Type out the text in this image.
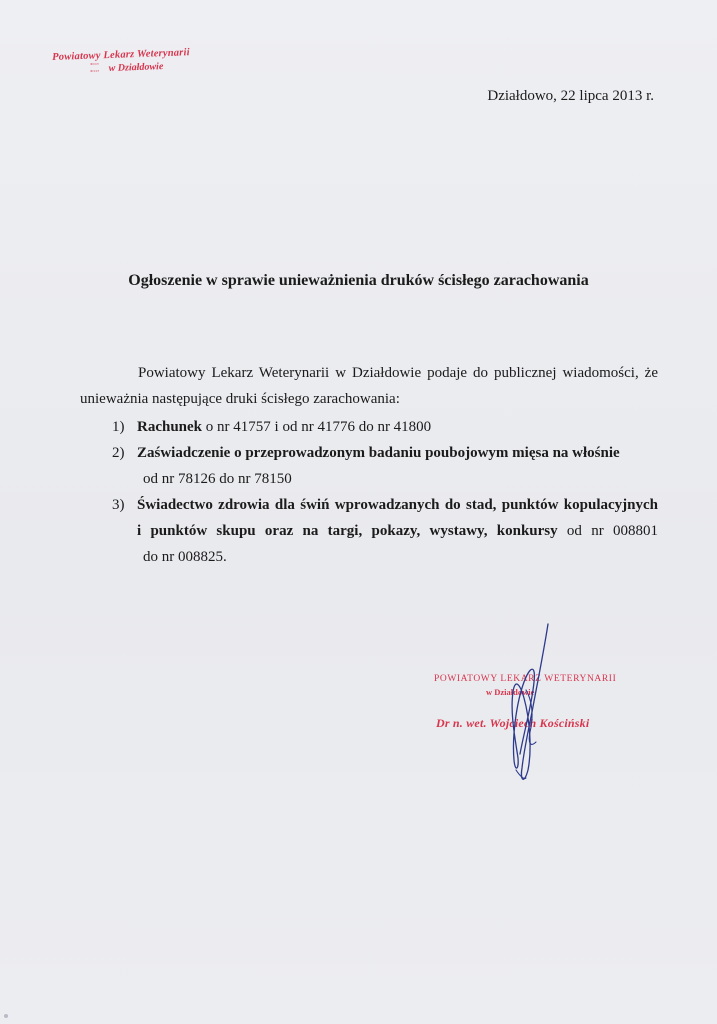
Powiatowy Lekarz Weterynarii
w Działdowie
Działdowo, 22 lipca 2013 r.
Ogłoszenie w sprawie unieważnienia druków ścisłego zarachowania

Powiatowy Lekarz Weterynarii w Działdowie podaje do publicznej wiadomości, że unieważnia następujące druki ścisłego zarachowania:

1) Rachunek o nr 41757 i od nr 41776 do nr 41800
2) Zaświadczenie o przeprowadzonym badaniu poubojowym mięsa na włośnie
od nr 78126 do nr 78150
3) Świadectwo zdrowia dla świń wprowadzanych do stad, punktów kopulacyjnych
i punktów skupu oraz na targi, pokazy, wystawy, konkursy od nr 008801
do nr 008825.
POWIATOWY LEKARZ WETERYNARII
w Działdowie
Dr n. wet. Wojciech Kościński
